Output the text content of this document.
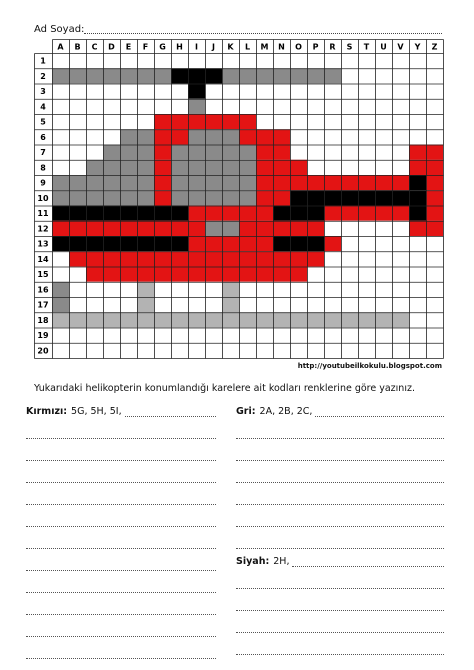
Ad Soyad:
A B C D E F G H I J K L M N O P R S T U V Y Z
1
2
3
4
5
6
7
8
9
10
11
12
13
14
15
16
17
18
19
20
http://youtubeilkokulu.blogspot.com
Yukarıdaki helikopterin konumlandığı karelere ait kodları renklerine göre yazınız.
Kırmızı: 5G, 5H, 5I,	Gri: 2A, 2B, 2C,
Siyah: 2H,
